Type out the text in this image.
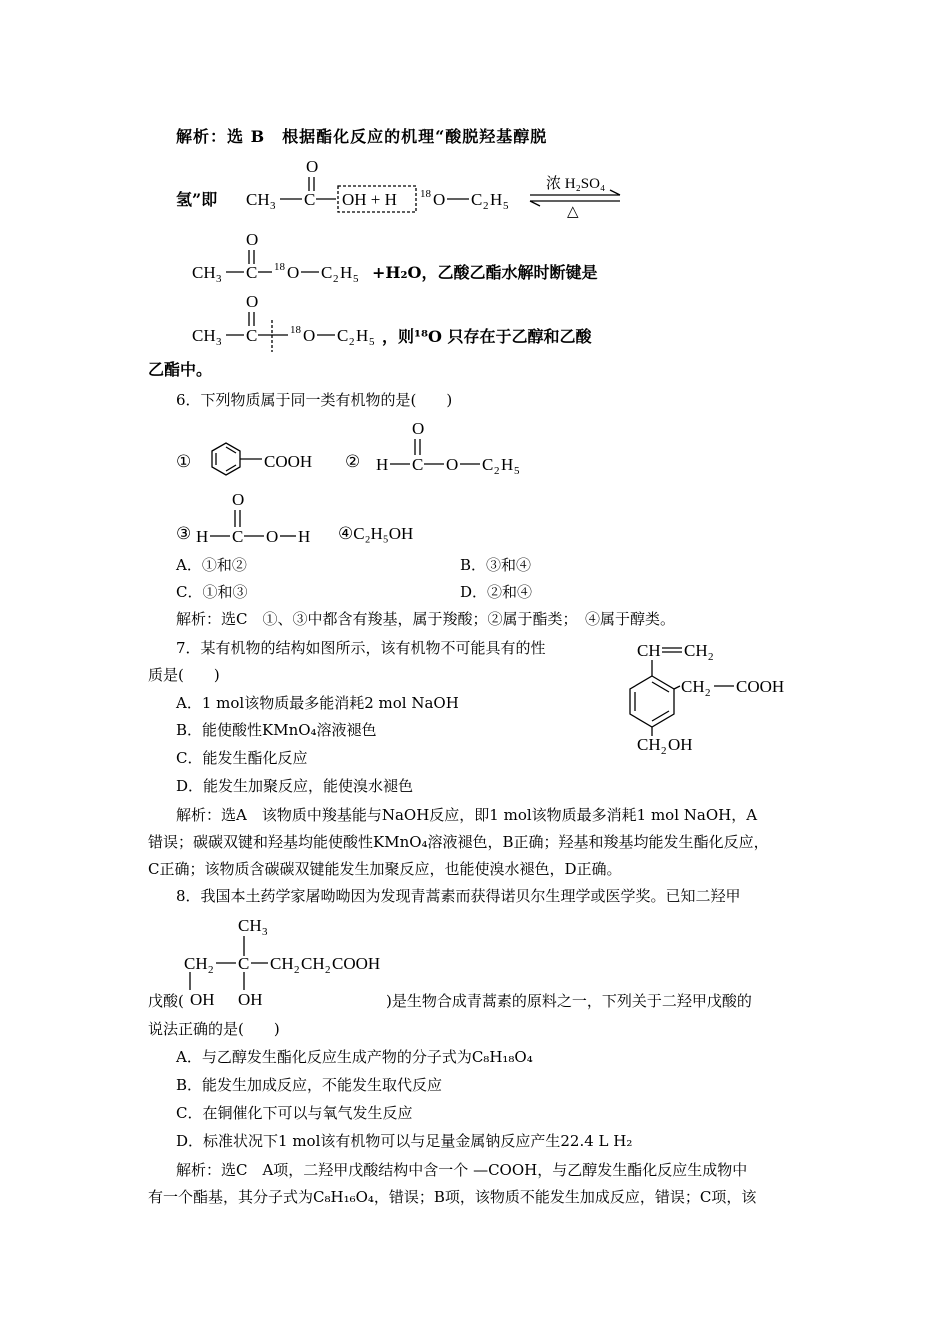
解析：选 B　根据酯化反应的机理“酸脱羟基醇脱
氢”即 CH 3 C
O
OH + H 18 O C 2 H 5
浓 H₂SO₄
△
CH 3 C
O
18 O C 2 H 5 +H₂O，乙酸乙酯水解时断键是
CH 3 C
O
18 O C 2 H 5 ，则¹⁸O 只存在于乙醇和乙酸
乙酯中。
6．下列物质属于同一类有机物的是(　　)
①	COOH ② H C
O
O C 2 H 5
③ H C
O
O H ④C₂H₅OH
A．①和②	B．③和④
C．①和③	D．②和④
解析：选C　①、③中都含有羧基，属于羧酸；②属于酯类；　④属于醇类。
7．某有机物的结构如图所示，该有机物不可能具有的性
质是(　　)
A．1 mol该物质最多能消耗2 mol NaOH
B．能使酸性KMnO₄溶液褪色
C．能发生酯化反应
D．能发生加聚反应，能使溴水褪色
CH CH 2
CH 2 COOH
CH 2 OH
解析：选A　该物质中羧基能与NaOH反应，即1 mol该物质最多消耗1 mol NaOH，A
错误；碳碳双键和羟基均能使酸性KMnO₄溶液褪色，B正确；羟基和羧基均能发生酯化反应，
C正确；该物质含碳碳双键能发生加聚反应，也能使溴水褪色，D正确。
8．我国本土药学家屠呦呦因为发现青蒿素而获得诺贝尔生理学或医学奖。已知二羟甲
CH 3
CH 2 C CH 2 CH 2 COOH
OH OH
戊酸(	)是生物合成青蒿素的原料之一，下列关于二羟甲戊酸的
说法正确的是(　　)
A．与乙醇发生酯化反应生成产物的分子式为C₈H₁₈O₄
B．能发生加成反应，不能发生取代反应
C．在铜催化下可以与氧气发生反应
D．标准状况下1 mol该有机物可以与足量金属钠反应产生22.4 L H₂
解析：选C　A项，二羟甲戊酸结构中含一个 —COOH，与乙醇发生酯化反应生成物中
有一个酯基，其分子式为C₈H₁₆O₄，错误；B项，该物质不能发生加成反应，错误；C项，该
